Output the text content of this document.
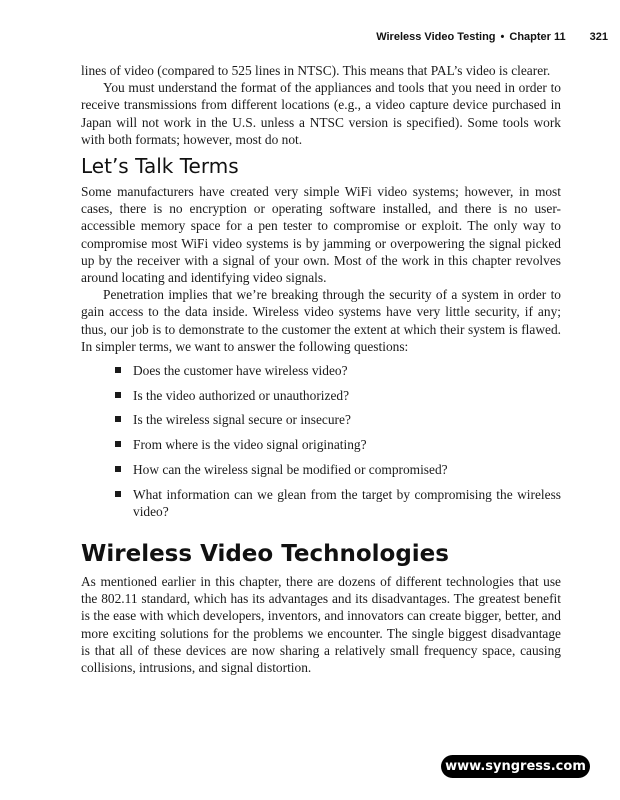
Wireless Video Testing • Chapter 11 321

lines of video (compared to 525 lines in NTSC). This means that PAL’s video is clearer.

You must understand the format of the appliances and tools that you need in order to receive transmissions from different locations (e.g., a video capture device purchased in Japan will not work in the U.S. unless a NTSC version is specified). Some tools work with both formats; however, most do not.

Let’s Talk Terms

Some manufacturers have created very simple WiFi video systems; however, in most cases, there is no encryption or operating software installed, and there is no user-accessible memory space for a pen tester to compromise or exploit. The only way to compromise most WiFi video systems is by jamming or overpowering the signal picked up by the receiver with a signal of your own. Most of the work in this chapter revolves around locating and identifying video signals.

Penetration implies that we’re breaking through the security of a system in order to gain access to the data inside. Wireless video systems have very little security, if any; thus, our job is to demonstrate to the customer the extent at which their system is flawed. In simpler terms, we want to answer the following questions:

Does the customer have wireless video?
Is the video authorized or unauthorized?
Is the wireless signal secure or insecure?
From where is the video signal originating?
How can the wireless signal be modified or compromised?
What information can we glean from the target by compromising the wireless video?
Wireless Video Technologies

As mentioned earlier in this chapter, there are dozens of different technologies that use the 802.11 standard, which has its advantages and its disadvantages. The greatest benefit is the ease with which developers, inventors, and innovators can create bigger, better, and more exciting solutions for the problems we encounter. The single biggest disadvantage is that all of these devices are now sharing a relatively small frequency space, causing collisions, intrusions, and signal distortion.

www.syngress.com
